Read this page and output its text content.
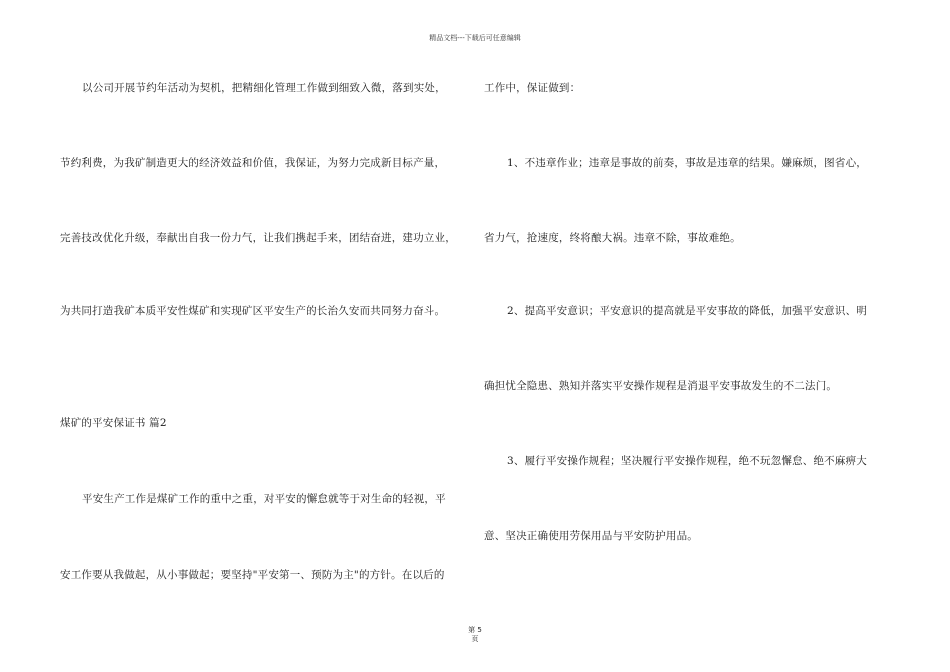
精品文档---下载后可任意编辑
以公司开展节约年活动为契机，把精细化管理工作做到细致入微，落到实处，
节约利费，为我矿制造更大的经济效益和价值，我保证，为努力完成新目标产量，
完善技改优化升级，奉献出自我一份力气，让我们携起手来，团结奋进，建功立业，
为共同打造我矿本质平安性煤矿和实现矿区平安生产的长治久安而共同努力奋斗。
煤矿的平安保证书 篇2
平安生产工作是煤矿工作的重中之重，对平安的懈怠就等于对生命的轻视，平
安工作要从我做起，从小事做起；要坚持"平安第一、预防为主"的方针。在以后的
工作中，保证做到：
1、不违章作业；违章是事故的前奏，事故是违章的结果。嫌麻烦，图省心，
省力气，抢速度，终将酿大祸。违章不除，事故难绝。
2、提高平安意识；平安意识的提高就是平安事故的降低，加强平安意识、明
确担忧全隐患、熟知并落实平安操作规程是消退平安事故发生的不二法门。
3、履行平安操作规程；坚决履行平安操作规程，绝不玩忽懈怠、绝不麻痹大
意、坚决正确使用劳保用品与平安防护用品。
第 5
页
